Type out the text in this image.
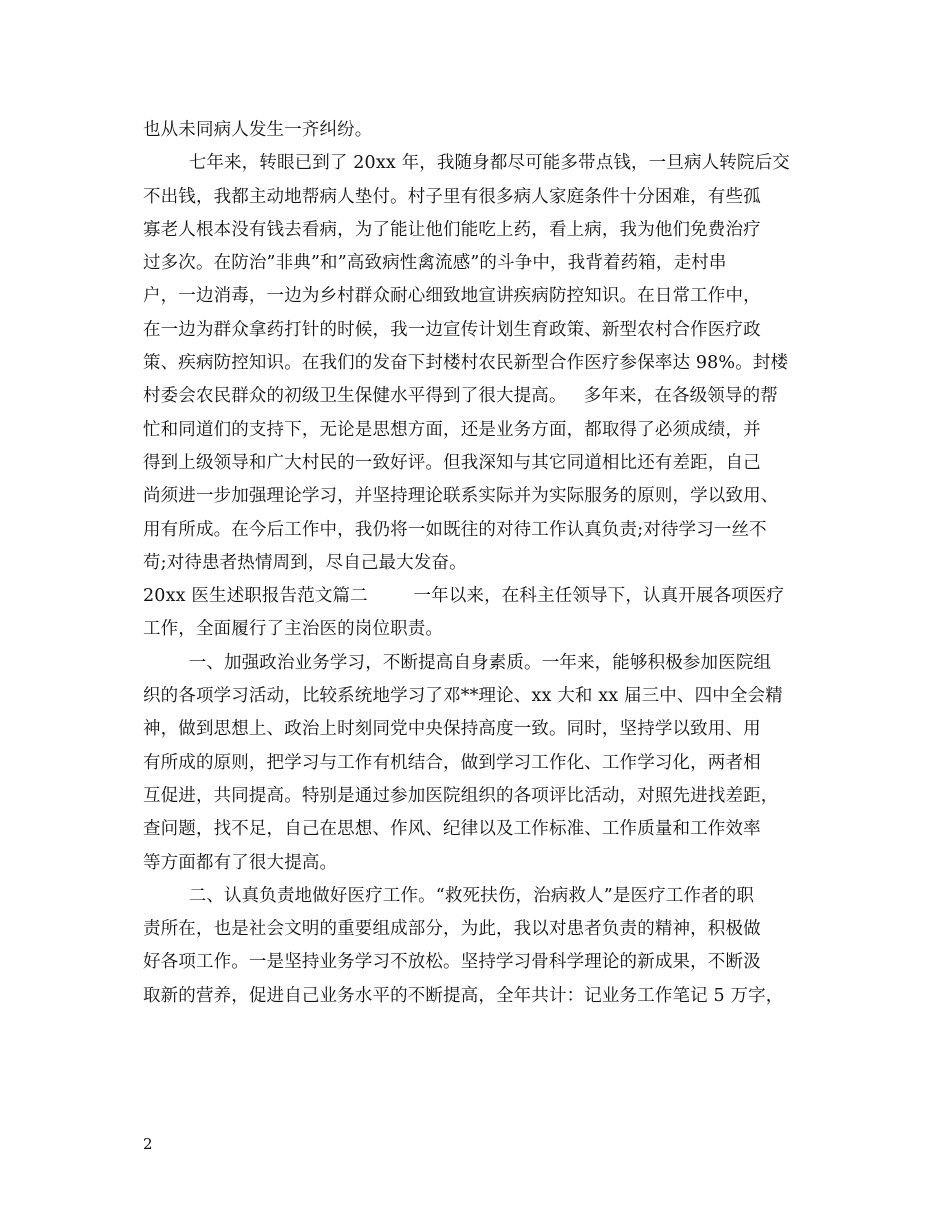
也从未同病人发生一齐纠纷。
七年来，转眼已到了 20xx 年，我随身都尽可能多带点钱，一旦病人转院后交
不出钱，我都主动地帮病人垫付。村子里有很多病人家庭条件十分困难，有些孤
寡老人根本没有钱去看病，为了能让他们能吃上药，看上病，我为他们免费治疗
过多次。在防治”非典”和”高致病性禽流感”的斗争中，我背着药箱，走村串
户，一边消毒，一边为乡村群众耐心细致地宣讲疾病防控知识。在日常工作中，
在一边为群众拿药打针的时候，我一边宣传计划生育政策、新型农村合作医疗政
策、疾病防控知识。在我们的发奋下封楼村农民新型合作医疗参保率达 98%。封楼
村委会农民群众的初级卫生保健水平得到了很大提高。   多年来，在各级领导的帮
忙和同道们的支持下，无论是思想方面，还是业务方面，都取得了必须成绩，并
得到上级领导和广大村民的一致好评。但我深知与其它同道相比还有差距，自己
尚须进一步加强理论学习，并坚持理论联系实际并为实际服务的原则，学以致用、
用有所成。在今后工作中，我仍将一如既往的对待工作认真负责;对待学习一丝不
苟;对待患者热情周到，尽自己最大发奋。
20xx 医生述职报告范文篇二        一年以来，在科主任领导下，认真开展各项医疗
工作，全面履行了主治医的岗位职责。
一、加强政治业务学习，不断提高自身素质。一年来，能够积极参加医院组
织的各项学习活动，比较系统地学习了邓**理论、xx 大和 xx 届三中、四中全会精
神，做到思想上、政治上时刻同党中央保持高度一致。同时，坚持学以致用、用
有所成的原则，把学习与工作有机结合，做到学习工作化、工作学习化，两者相
互促进，共同提高。特别是通过参加医院组织的各项评比活动，对照先进找差距，
查问题，找不足，自己在思想、作风、纪律以及工作标准、工作质量和工作效率
等方面都有了很大提高。
二、认真负责地做好医疗工作。“救死扶伤，治病救人”是医疗工作者的职
责所在，也是社会文明的重要组成部分，为此，我以对患者负责的精神，积极做
好各项工作。一是坚持业务学习不放松。坚持学习骨科学理论的新成果，不断汲
取新的营养，促进自己业务水平的不断提高，全年共计：记业务工作笔记 5 万字，
2
